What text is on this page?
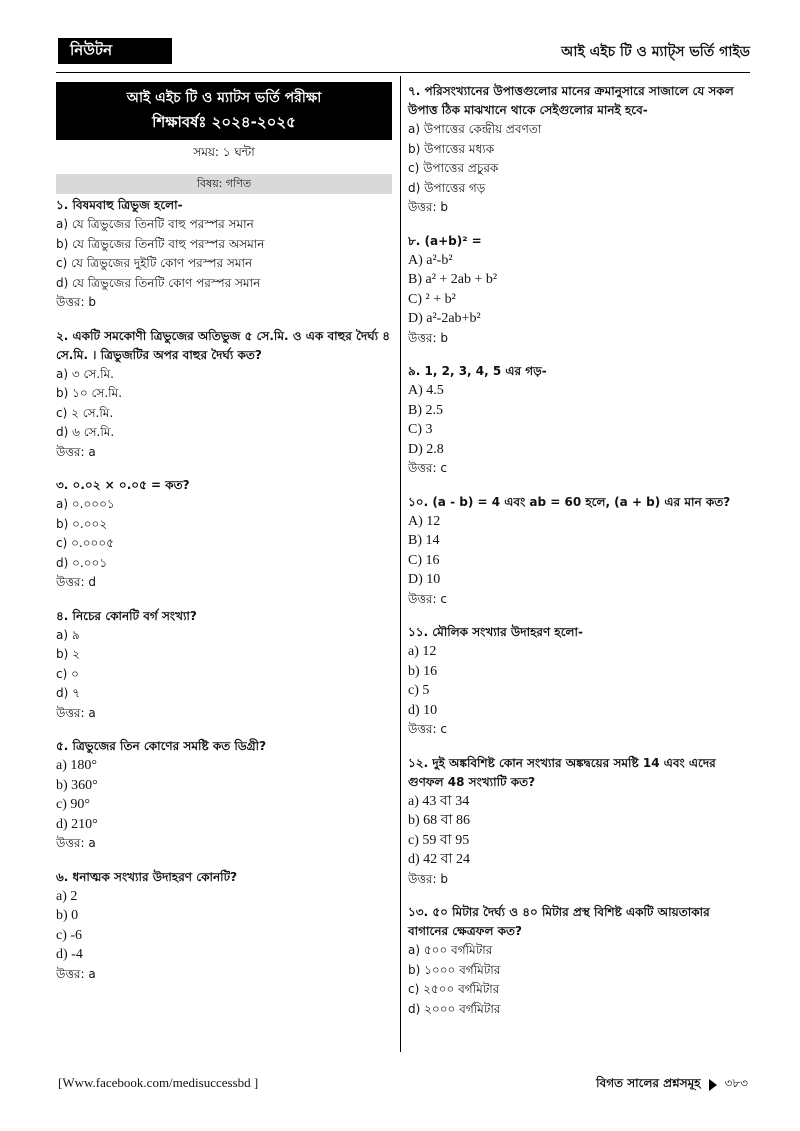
নিউটন	আই এইচ টি ও ম্যাট্স ভর্তি গাইড
আই এইচ টি ও ম্যাটস ভর্তি পরীক্ষা
শিক্ষাবর্ষঃ ২০২৪-২০২৫
সময়: ১ ঘন্টা
বিষয়: গণিত
১. বিষমবাহু ত্রিভুজ হলো-
a) যে ত্রিভুজের তিনটি বাহু পরস্পর সমান
b) যে ত্রিভুজের তিনটি বাহু পরস্পর অসমান
c) যে ত্রিভুজের দুইটি কোণ পরস্পর সমান
d) যে ত্রিভুজের তিনটি কোণ পরস্পর সমান
উত্তর: b
২. একটি সমকোণী ত্রিভুজের অতিভুজ ৫ সে.মি. ও এক বাহুর দৈর্ঘ্য ৪ সে.মি. । ত্রিভুজটির অপর বাহুর দৈর্ঘ্য কত?
a) ৩ সে.মি.
b) ১০ সে.মি.
c) ২ সে.মি.
d) ৬ সে.মি.
উত্তর: a
৩. ০.০২ × ০.০৫ = কত?
a) ০.০০০১
b) ০.০০২
c) ০.০০০৫
d) ০.০০১
উত্তর: d
৪. নিচের কোনটি বর্গ সংখ্যা?
a) ৯
b) ২
c) ০
d) ৭
উত্তর: a
৫. ত্রিভুজের তিন কোণের সমষ্টি কত ডিগ্রী?
a) 180°
b) 360°
c) 90°
d) 210°
উত্তর: a
৬. ধনাত্মক সংখ্যার উদাহরণ কোনটি?
a) 2
b) 0
c) -6
d) -4
উত্তর: a
৭. পরিসংখ্যানের উপাত্তগুলোর মানের ক্রমানুসারে সাজালে যে সকল উপাত্ত ঠিক মাঝখানে থাকে সেইগুলোর মানই হবে-
a) উপাত্তের কেন্দ্রীয় প্রবণতা
b) উপাত্তের মধ্যক
c) উপাত্তের প্রচুরক
d) উপাত্তের গড়
উত্তর: b
৮. (a+b)² =
A) a²-b²
B) a² + 2ab + b²
C) ² + b²
D) a²-2ab+b²
উত্তর: b
৯. 1, 2, 3, 4, 5 এর গড়-
A) 4.5
B) 2.5
C) 3
D) 2.8
উত্তর: c
১০. (a - b) = 4 এবং ab = 60 হলে, (a + b) এর মান কত?
A) 12
B) 14
C) 16
D) 10
উত্তর: c
১১. মৌলিক সংখ্যার উদাহরণ হলো-
a) 12
b) 16
c) 5
d) 10
উত্তর: c
১২. দুই অঙ্কবিশিষ্ট কোন সংখ্যার অঙ্কদ্বয়ের সমষ্টি 14 এবং এদের গুণফল 48 সংখ্যাটি কত?
a) 43 বা 34
b) 68 বা 86
c) 59 বা 95
d) 42 বা 24
উত্তর: b
১৩. ৫০ মিটার দৈর্ঘ্য ও ৪০ মিটার প্রস্থ বিশিষ্ট একটি আয়তাকার বাগানের ক্ষেত্রফল কত?
a) ৫০০ বর্গমিটার
b) ১০০০ বর্গমিটার
c) ২৫০০ বর্গমিটার
d) ২০০০ বর্গমিটার
[Www.facebook.com/medisuccessbd ]	বিগত সালের প্রশ্নসমূহ ৩৮৩
